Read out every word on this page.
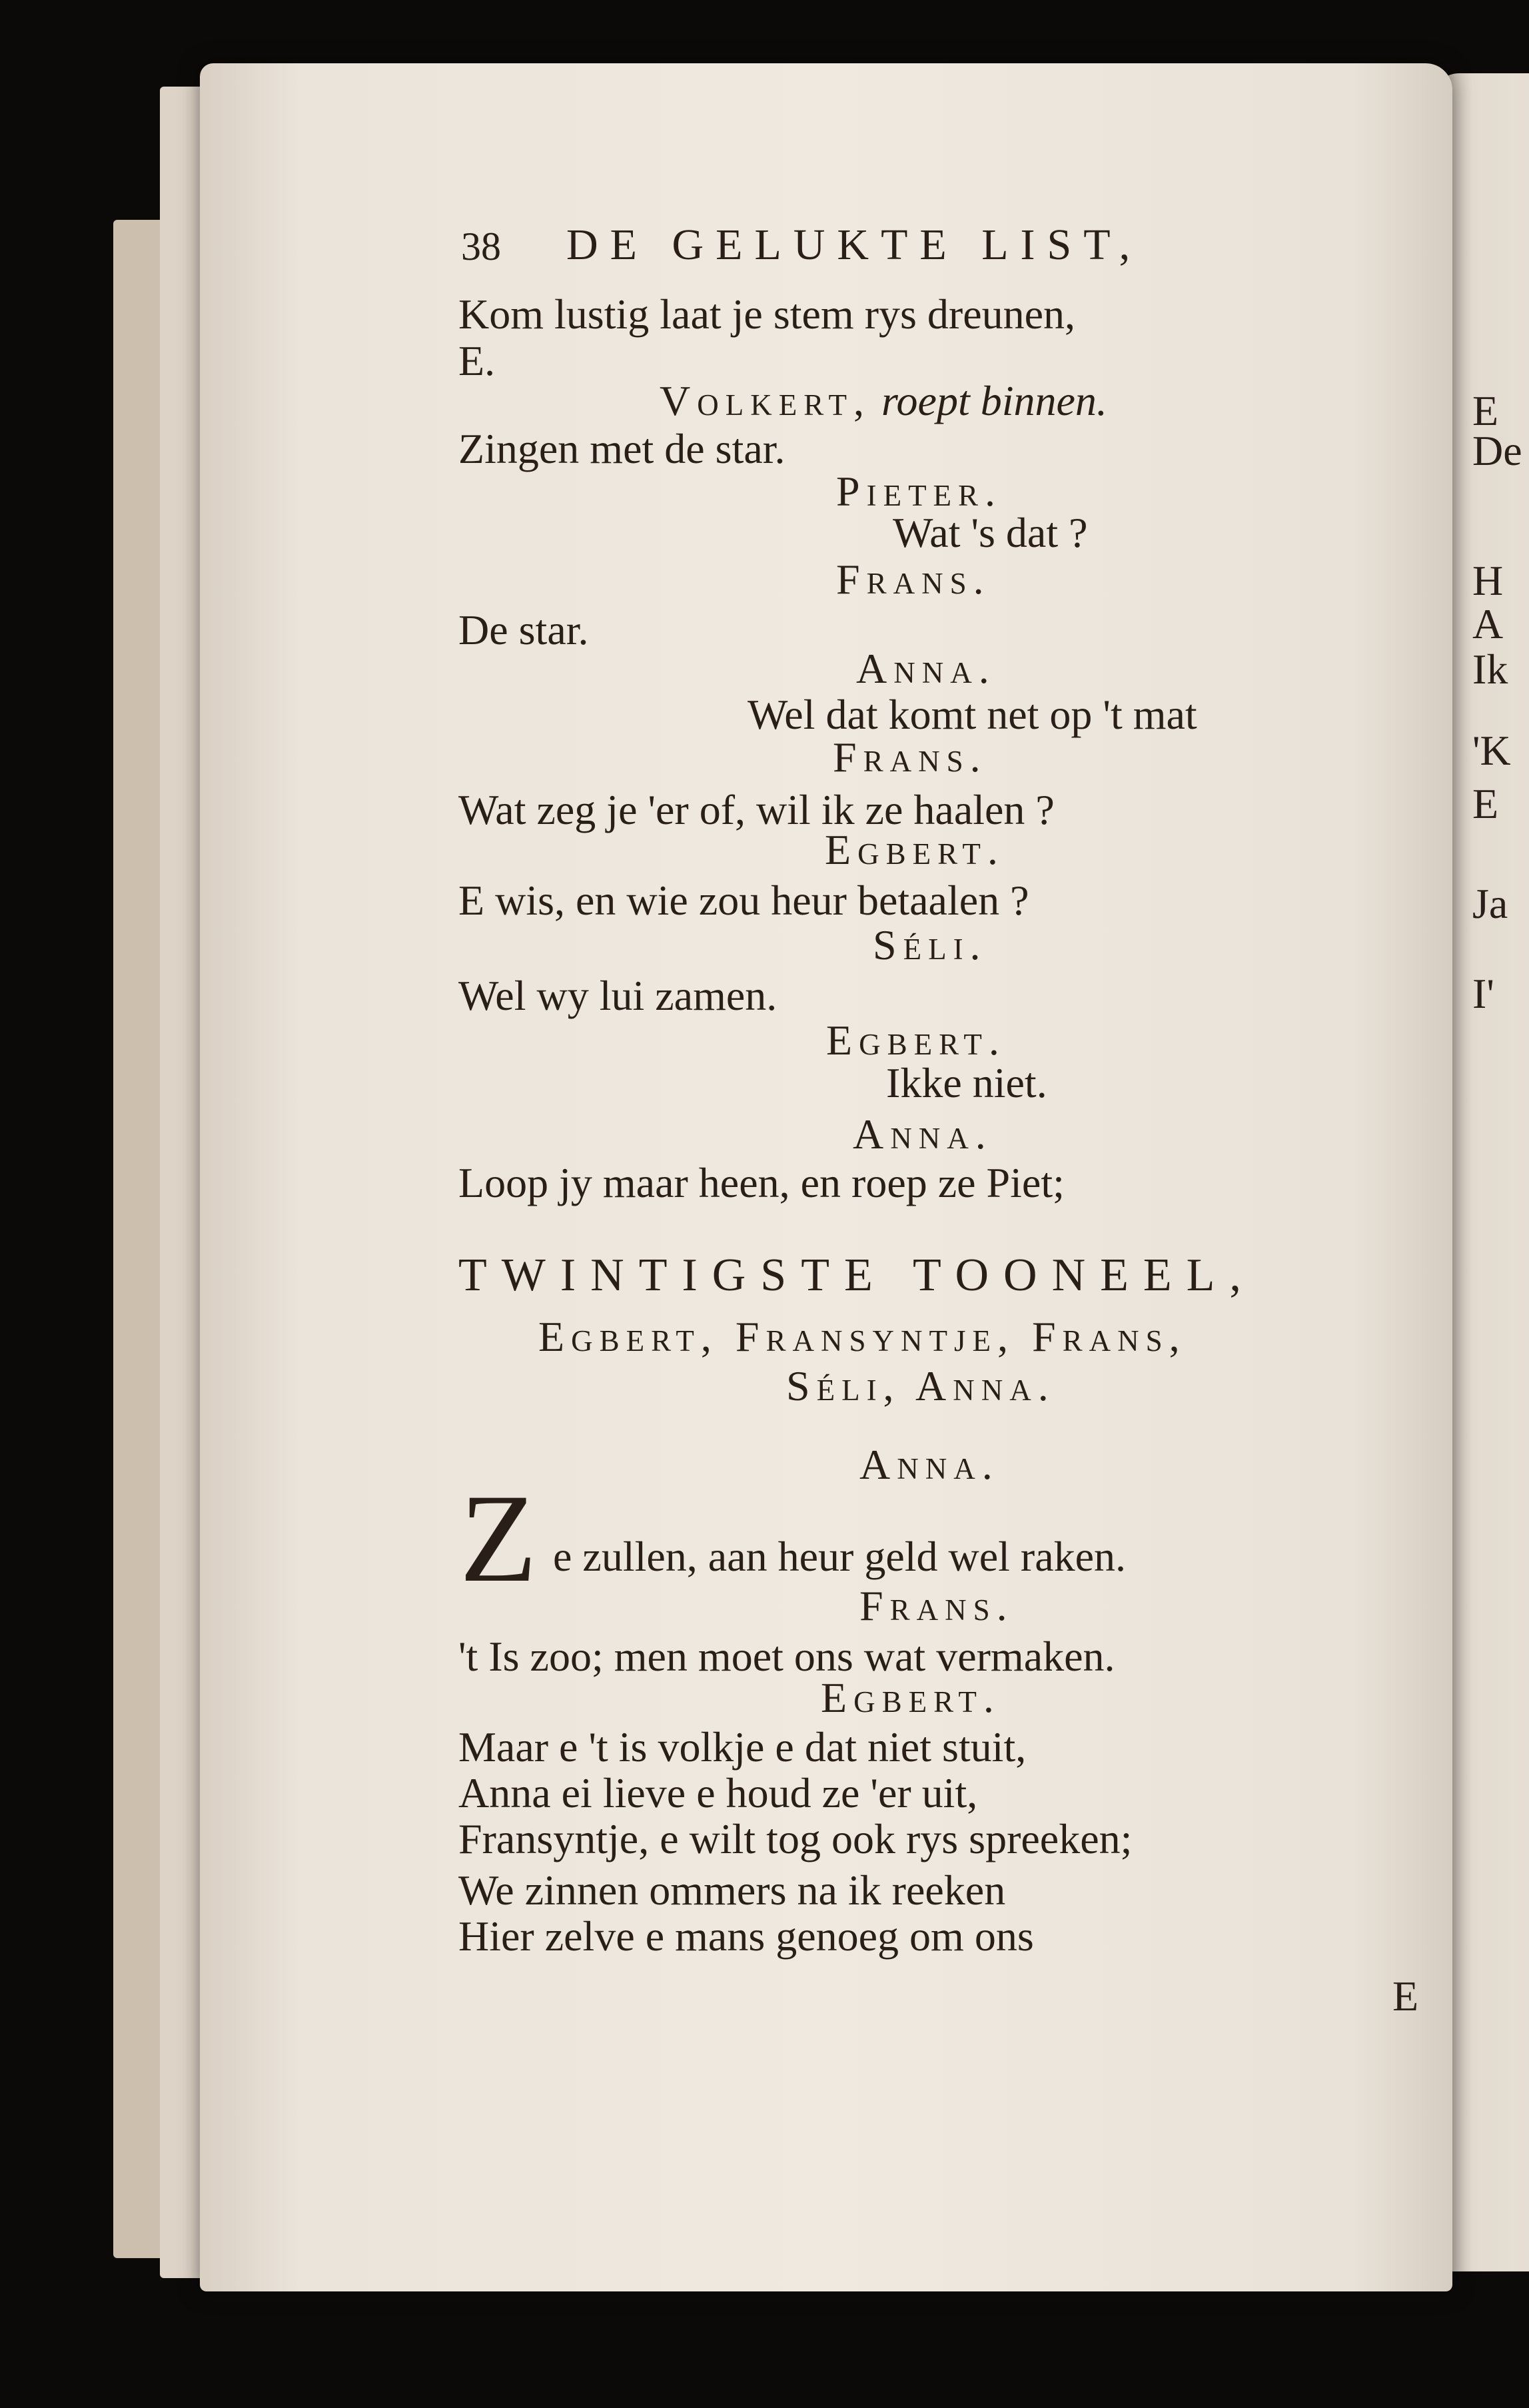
E
De
H
A
Ik
'K
E
Ja
I'
38 DE GELUKTE LIST,
Kom lustig laat je stem rys dreunen,
E.
Volkert, roept binnen.
Zingen met de star.
Pieter.
Wat 's dat ?
Frans.
De star.
Anna.
Wel dat komt net op 't mat
Frans.
Wat zeg je 'er of, wil ik ze haalen ?
Egbert.
E wis, en wie zou heur betaalen ?
Séli.
Wel wy lui zamen.
Egbert.
Ikke niet.
Anna.
Loop jy maar heen, en roep ze Piet;
TWINTIGSTE TOONEEL,
Egbert, Fransyntje, Frans,
Séli, Anna.
Anna.
Z e zullen, aan heur geld wel raken.
Frans.
't Is zoo; men moet ons wat vermaken.
Egbert.
Maar e 't is volkje e dat niet stuit,
Anna ei lieve e houd ze 'er uit,
Fransyntje, e wilt tog ook rys spreeken;
We zinnen ommers na ik reeken
Hier zelve e mans genoeg om ons
E
